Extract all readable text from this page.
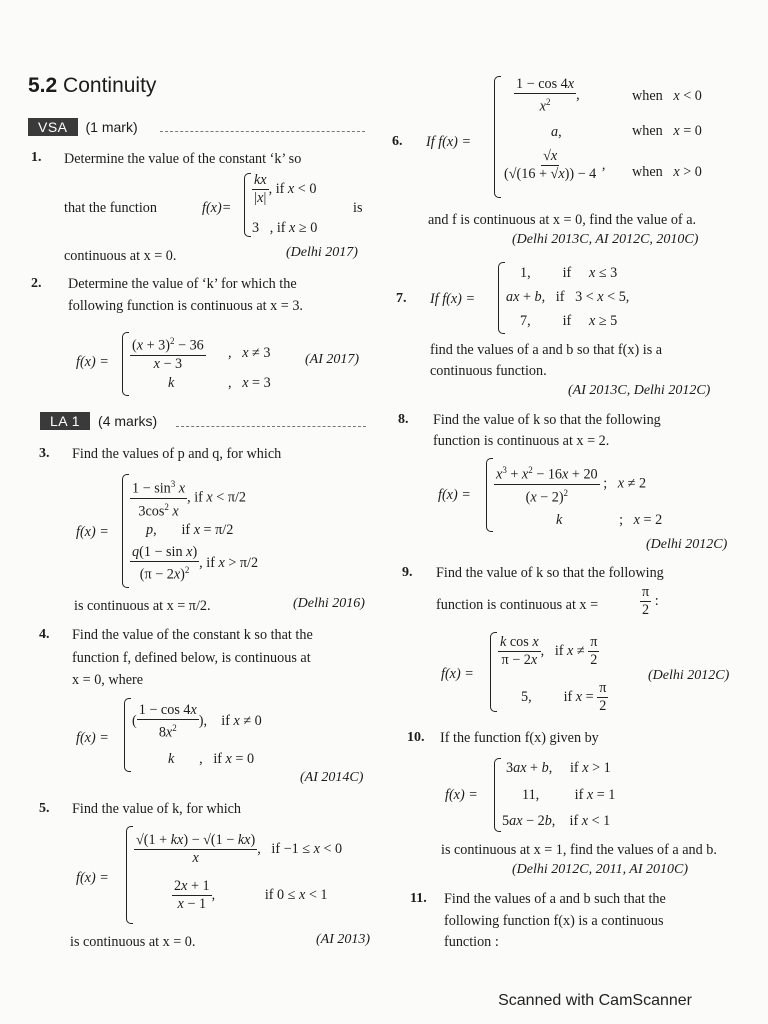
5.2 Continuity
VSA	(1 mark)
1. Determine the value of the constant ‘k’ so
that the function	f(x)=
$\frac{kx}{|x|}$ , if x < 0
3   , if x ≥ 0
is
continuous at x = 0.	(Delhi 2017)
2. Determine the value of ‘k’ for which the
following function is continuous at x = 3.
$f(x) = \frac{(x + 3)^2 - 36}{x - 3}$ ,   x ≠ 3
k	,   x = 3
(AI 2017)
LA 1	(4 marks)
3. Find the values of p and q, for which
f(x) =
$\frac{1 - \sin^3 x}{3\cos^2 x}$ , if x < π/2
p,       if x = π/2
$\frac{\text{q(1 − sin x)}}{(\pi - 2x)^2}$ , if x > π/2
is continuous at x = π/2.	(Delhi 2016)
4. Find the value of the constant k so that the
function f, defined below, is continuous at
x = 0, where
f(x) =
( $\frac{1 - \cos 4x}{8x^2}$ ),    if x ≠ 0
k       ,   if x = 0
(AI 2014C)
5. Find the value of k, for which
f(x) =
$\frac{√(1 + kx) - √(1 - kx)}{x}$ ,   if −1 ≤ x < 0
$\frac{2x + 1}{x - 1}$ ,              if 0 ≤ x < 1
is continuous at x = 0.	(AI 2013)
6. If f(x) =
$\frac{1 - \cos 4x}{x^2}$ ,	when   x < 0
a,	when   x = 0
$\frac{√x}{(√(16 + √x)) - 4}$ , when   x > 0
and f is continuous at x = 0, find the value of a.
(Delhi 2013C, AI 2012C, 2010C)
7. If f(x) =
1,         if     x ≤ 3
ax + b,   if   3 < x < 5,
7,         if     x ≥ 5
find the values of a and b so that f(x) is a
continuous function.
(AI 2013C, Delhi 2012C)
8. Find the value of k so that the following
function is continuous at x = 2.
$f(x) = \frac{x^3 + x^2 - 16x + 20}{(x - 2)^2}$ ;   x ≠ 2
k                ;   x = 2
(Delhi 2012C)
9. Find the value of k so that the following
function is continuous at x =	$\frac{\pi}{2}$ :
f(x) =
$\frac{\text{k cos x}}{\pi - 2x}$ ,   if $x \ne \frac{\pi}{2}$
5,         if $x = \frac{\pi}{2}$
(Delhi 2012C)
10. If the function f(x) given by
f(x) =
3ax + b,     if x > 1
11,          if x = 1
5ax − 2b,    if x < 1
is continuous at x = 1, find the values of a and b.
(Delhi 2012C, 2011, AI 2010C)
11. Find the values of a and b such that the
following function f(x) is a continuous
function :
Scanned with CamScanner
